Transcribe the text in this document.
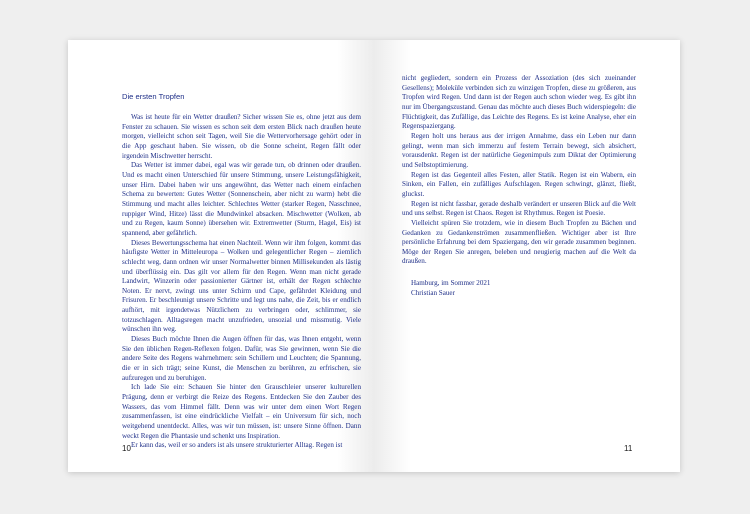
Die ersten Tropfen

Was ist heute für ein Wetter draußen? Sicher wissen Sie es, ohne jetzt aus dem Fenster zu schauen. Sie wissen es schon seit dem ersten Blick nach draußen heute morgen, vielleicht schon seit Tagen, weil Sie die Wettervorhersage gehört oder in die App geschaut haben. Sie wissen, ob die Sonne scheint, Regen fällt oder irgendein Mischwetter herrscht.

Das Wetter ist immer dabei, egal was wir gerade tun, ob drinnen oder draußen. Und es macht einen Unterschied für unsere Stimmung, unsere Leistungsfähigkeit, unser Hirn. Dabei haben wir uns angewöhnt, das Wetter nach einem einfachen Schema zu bewerten: Gutes Wetter (Sonnenschein, aber nicht zu warm) hebt die Stimmung und macht alles leichter. Schlechtes Wetter (starker Regen, Nasschnee, ruppiger Wind, Hitze) lässt die Mundwinkel absacken. Mischwetter (Wolken, ab und zu Regen, kaum Sonne) übersehen wir. Extremwetter (Sturm, Hagel, Eis) ist spannend, aber gefährlich.

Dieses Bewertungsschema hat einen Nachteil. Wenn wir ihm folgen, kommt das häufigste Wetter in Mitteleuropa – Wolken und gelegentlicher Regen – ziemlich schlecht weg, dann ordnen wir unser Normalwetter binnen Millisekunden als lästig und überflüssig ein. Das gilt vor allem für den Regen. Wenn man nicht gerade Landwirt, Winzerin oder passionierter Gärtner ist, erhält der Regen schlechte Noten. Er nervt, zwingt uns unter Schirm und Cape, gefährdet Kleidung und Frisuren. Er beschleunigt unsere Schritte und legt uns nahe, die Zeit, bis er endlich aufhört, mit irgendetwas Nützlichem zu verbringen oder, schlimmer, sie totzuschlagen. Alltagsregen macht unzufrieden, unsozial und missmutig. Viele wünschen ihn weg.

Dieses Buch möchte Ihnen die Augen öffnen für das, was Ihnen entgeht, wenn Sie den üblichen Regen-Reflexen folgen. Dafür, was Sie gewinnen, wenn Sie die andere Seite des Regens wahrnehmen: sein Schillern und Leuchten; die Spannung, die er in sich trägt; seine Kunst, die Menschen zu berühren, zu erfrischen, sie aufzuregen und zu beruhigen.

Ich lade Sie ein: Schauen Sie hinter den Grauschleier unserer kulturellen Prägung, denn er verbirgt die Reize des Regens. Entdecken Sie den Zauber des Wassers, das vom Himmel fällt. Denn was wir unter dem einen Wort Regen zusammenfassen, ist eine eindrückliche Vielfalt – ein Universum für sich, noch weitgehend unentdeckt. Alles, was wir tun müssen, ist: unsere Sinne öffnen. Dann weckt Regen die Phantasie und schenkt uns Inspiration.

Er kann das, weil er so anders ist als unsere strukturierter Alltag. Regen ist

10

nicht gegliedert, sondern ein Prozess der Assoziation (des sich zueinander Gesellens); Moleküle verbinden sich zu winzigen Tropfen, diese zu größeren, aus Tropfen wird Regen. Und dann ist der Regen auch schon wieder weg. Es gibt ihn nur im Übergangszustand. Genau das möchte auch dieses Buch widerspiegeln: die Flüchtigkeit, das Zufällige, das Leichte des Regens. Es ist keine Analyse, eher ein Regenspaziergang.

Regen holt uns heraus aus der irrigen Annahme, dass ein Leben nur dann gelingt, wenn man sich immerzu auf festem Terrain bewegt, sich absichert, vorausdenkt. Regen ist der natürliche Gegenimpuls zum Diktat der Optimierung und Selbstoptimierung.

Regen ist das Gegenteil alles Festen, aller Statik. Regen ist ein Wabern, ein Sinken, ein Fallen, ein zufälliges Aufschlagen. Regen schwingt, glänzt, fließt, gluckst.

Regen ist nicht fassbar, gerade deshalb verändert er unseren Blick auf die Welt und uns selbst. Regen ist Chaos. Regen ist Rhythmus. Regen ist Poesie.

Vielleicht spüren Sie trotzdem, wie in diesem Buch Tropfen zu Bächen und Gedanken zu Gedankenströmen zusammenfließen. Wichtiger aber ist Ihre persönliche Erfahrung bei dem Spaziergang, den wir gerade zusammen beginnen. Möge der Regen Sie anregen, beleben und neugierig machen auf die Welt da draußen.

Hamburg, im Sommer 2021
Christian Sauer
11
